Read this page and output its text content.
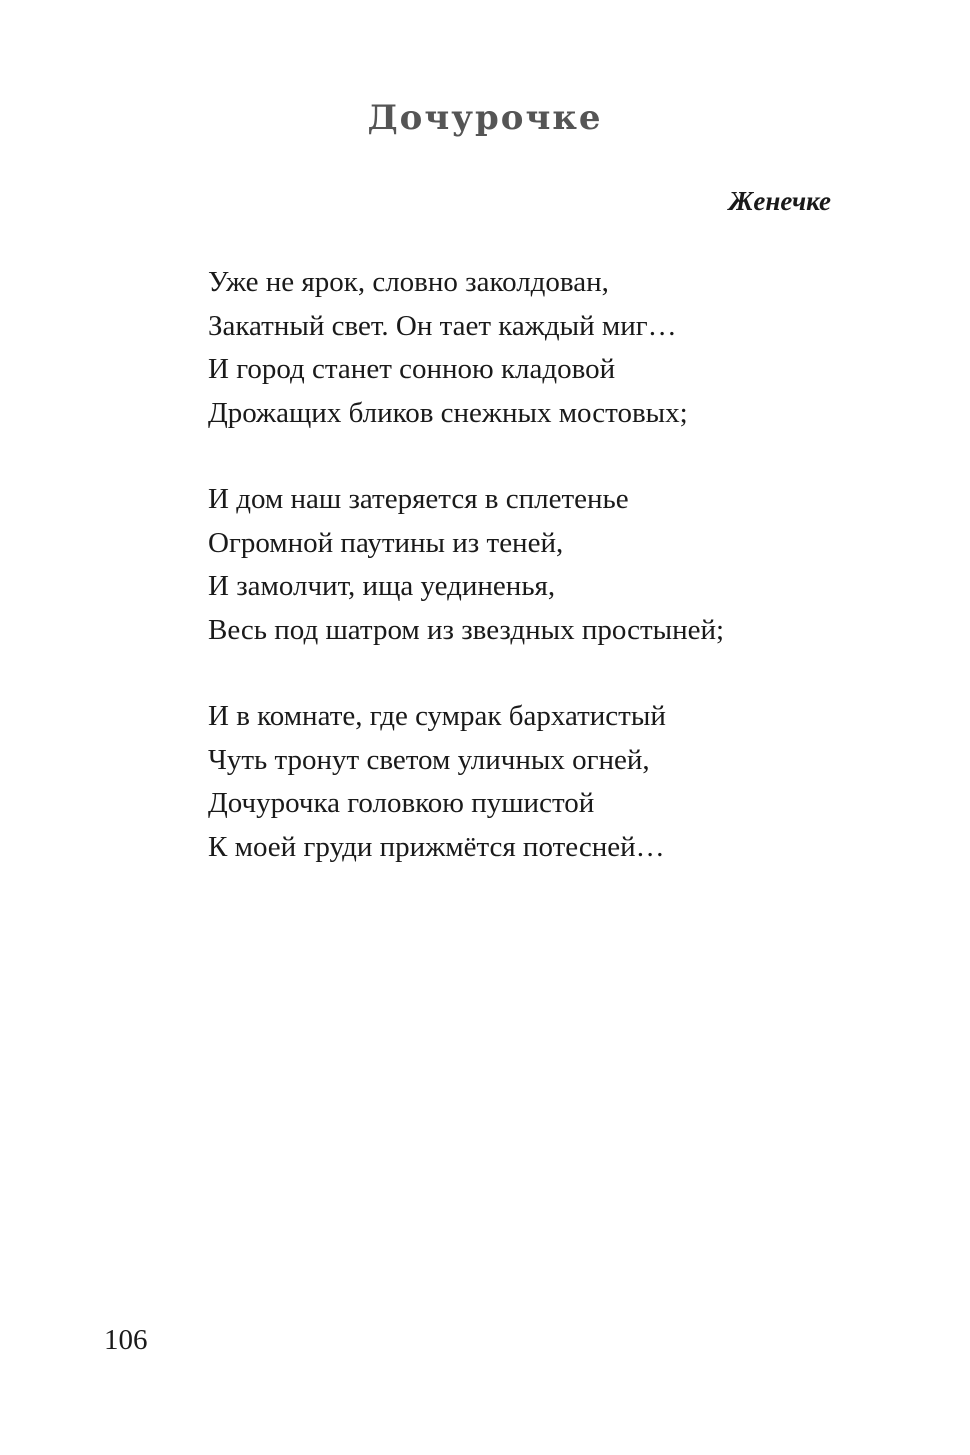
Дочурочке
Женечке
Уже не ярок, словно заколдован,
Закатный свет. Он тает каждый миг…
И город станет сонною кладовой
Дрожащих бликов снежных мостовых;
И дом наш затеряется в сплетенье
Огромной паутины из теней,
И замолчит, ища уединенья,
Весь под шатром из звездных простыней;
И в комнате, где сумрак бархатистый
Чуть тронут светом уличных огней,
Дочурочка головкою пушистой
К моей груди прижмётся потесней…
106
